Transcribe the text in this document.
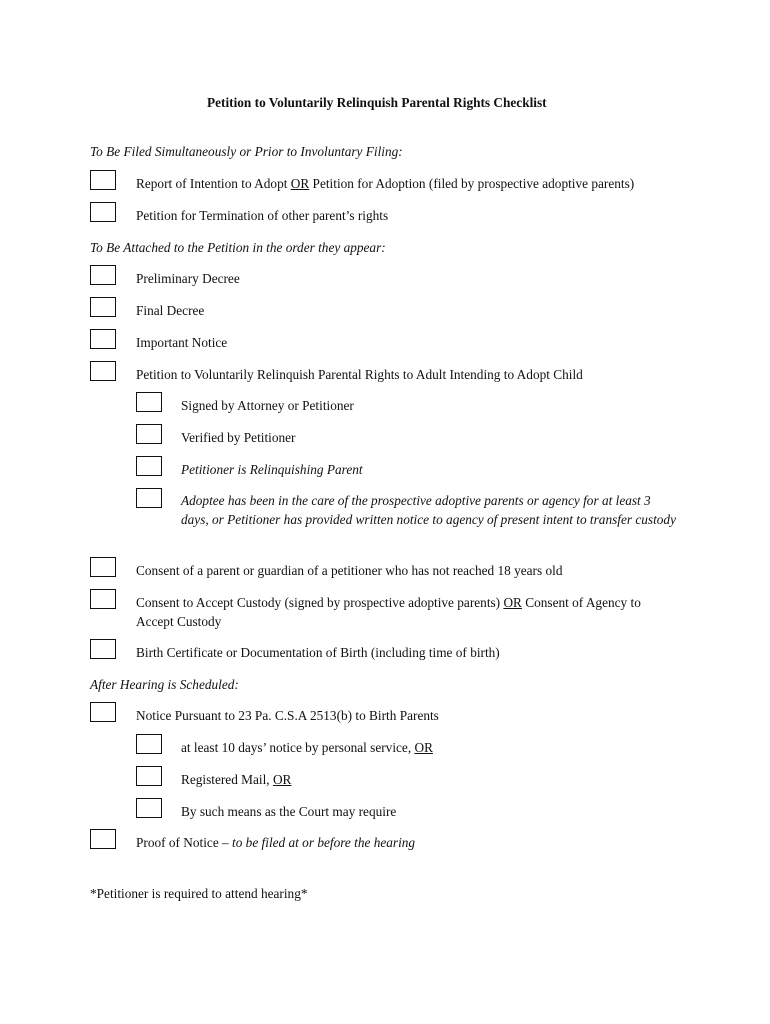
Petition to Voluntarily Relinquish Parental Rights Checklist
To Be Filed Simultaneously or Prior to Involuntary Filing:
Report of Intention to Adopt OR Petition for Adoption (filed by prospective adoptive parents)
Petition for Termination of other parent’s rights
To Be Attached to the Petition in the order they appear:
Preliminary Decree
Final Decree
Important Notice
Petition to Voluntarily Relinquish Parental Rights to Adult Intending to Adopt Child
Signed by Attorney or Petitioner
Verified by Petitioner
Petitioner is Relinquishing Parent
Adoptee has been in the care of the prospective adoptive parents or agency for at least 3 days, or Petitioner has provided written notice to agency of present intent to transfer custody
Consent of a parent or guardian of a petitioner who has not reached 18 years old
Consent to Accept Custody (signed by prospective adoptive parents) OR Consent of Agency to Accept Custody
Birth Certificate or Documentation of Birth (including time of birth)
After Hearing is Scheduled:
Notice Pursuant to 23 Pa. C.S.A 2513(b) to Birth Parents
at least 10 days’ notice by personal service, OR
Registered Mail, OR
By such means as the Court may require
Proof of Notice – to be filed at or before the hearing
*Petitioner is required to attend hearing*
